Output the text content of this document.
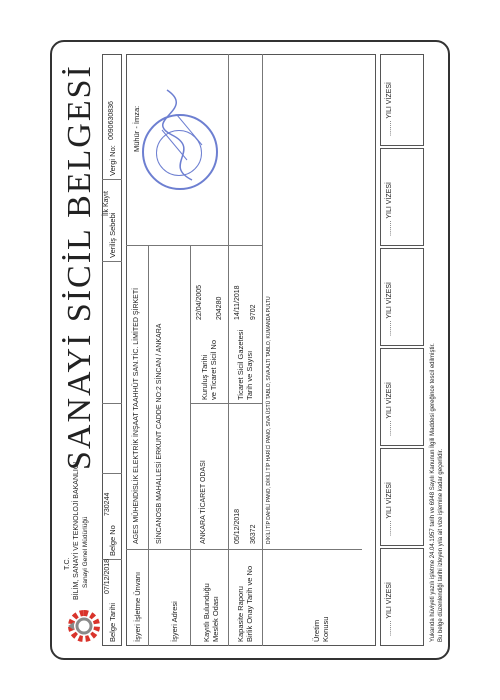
T.C. BİLİM, SANAYİ VE TEKNOLOJİ BAKANLIĞI Sanayi Genel Müdürlüğü
SANAYİ SİCİL BELGESİ
Belge Tarihi
07/12/2018
Belge No
730244
Veriliş Sebebi
İlk Kayıt
Vergi No:
0090630836
İşyeri İşletme Ünvanı
AGES MÜHENDİSLİK ELEKTRİK İNŞAAT TAAHHÜT SAN.TİC. LİMİTED ŞİRKETİ
İşyeri Adresi
SİNCANOSB MAHALLESİ ERKUNT CADDE NO:2 SİNCAN / ANKARA
Kayıtlı Bulunduğu Meslek Odası
ANKARA TİCARET ODASI
Kuruluş Tarihi ve Ticaret Sicil No
22/04/2005 204280
Kapasite Raporu Birlik Onay Tarih ve No
05/12/2018 36372
Ticaret Sicil Gazetesi Tarih ve Sayısı
14/11/2018 9702
Üretim Konusu
DİKİLİ TİP DAHİLİ PANO, DİKİLİ TİP HARİCİ PANO, SIVA ÜSTÜ TABLO, SIVA ALTI TABLO, KUMANDA PULTU
Mühür - İmza:
........ YILI VİZESİ
........ YILI VİZESİ
........ YILI VİZESİ
........ YILI VİZESİ
........ YILI VİZESİ
........ YILI VİZESİ
Yukarıda hüviyeti yazılı işletme 24.04.1957 tarih ve 6948 Sayılı Kanunun İlgili Maddesi gereğince tescil edilmiştir. Bu belge düzenlendiği tarihi izleyen yıla ait vize işlemine kadar geçerlidir.
